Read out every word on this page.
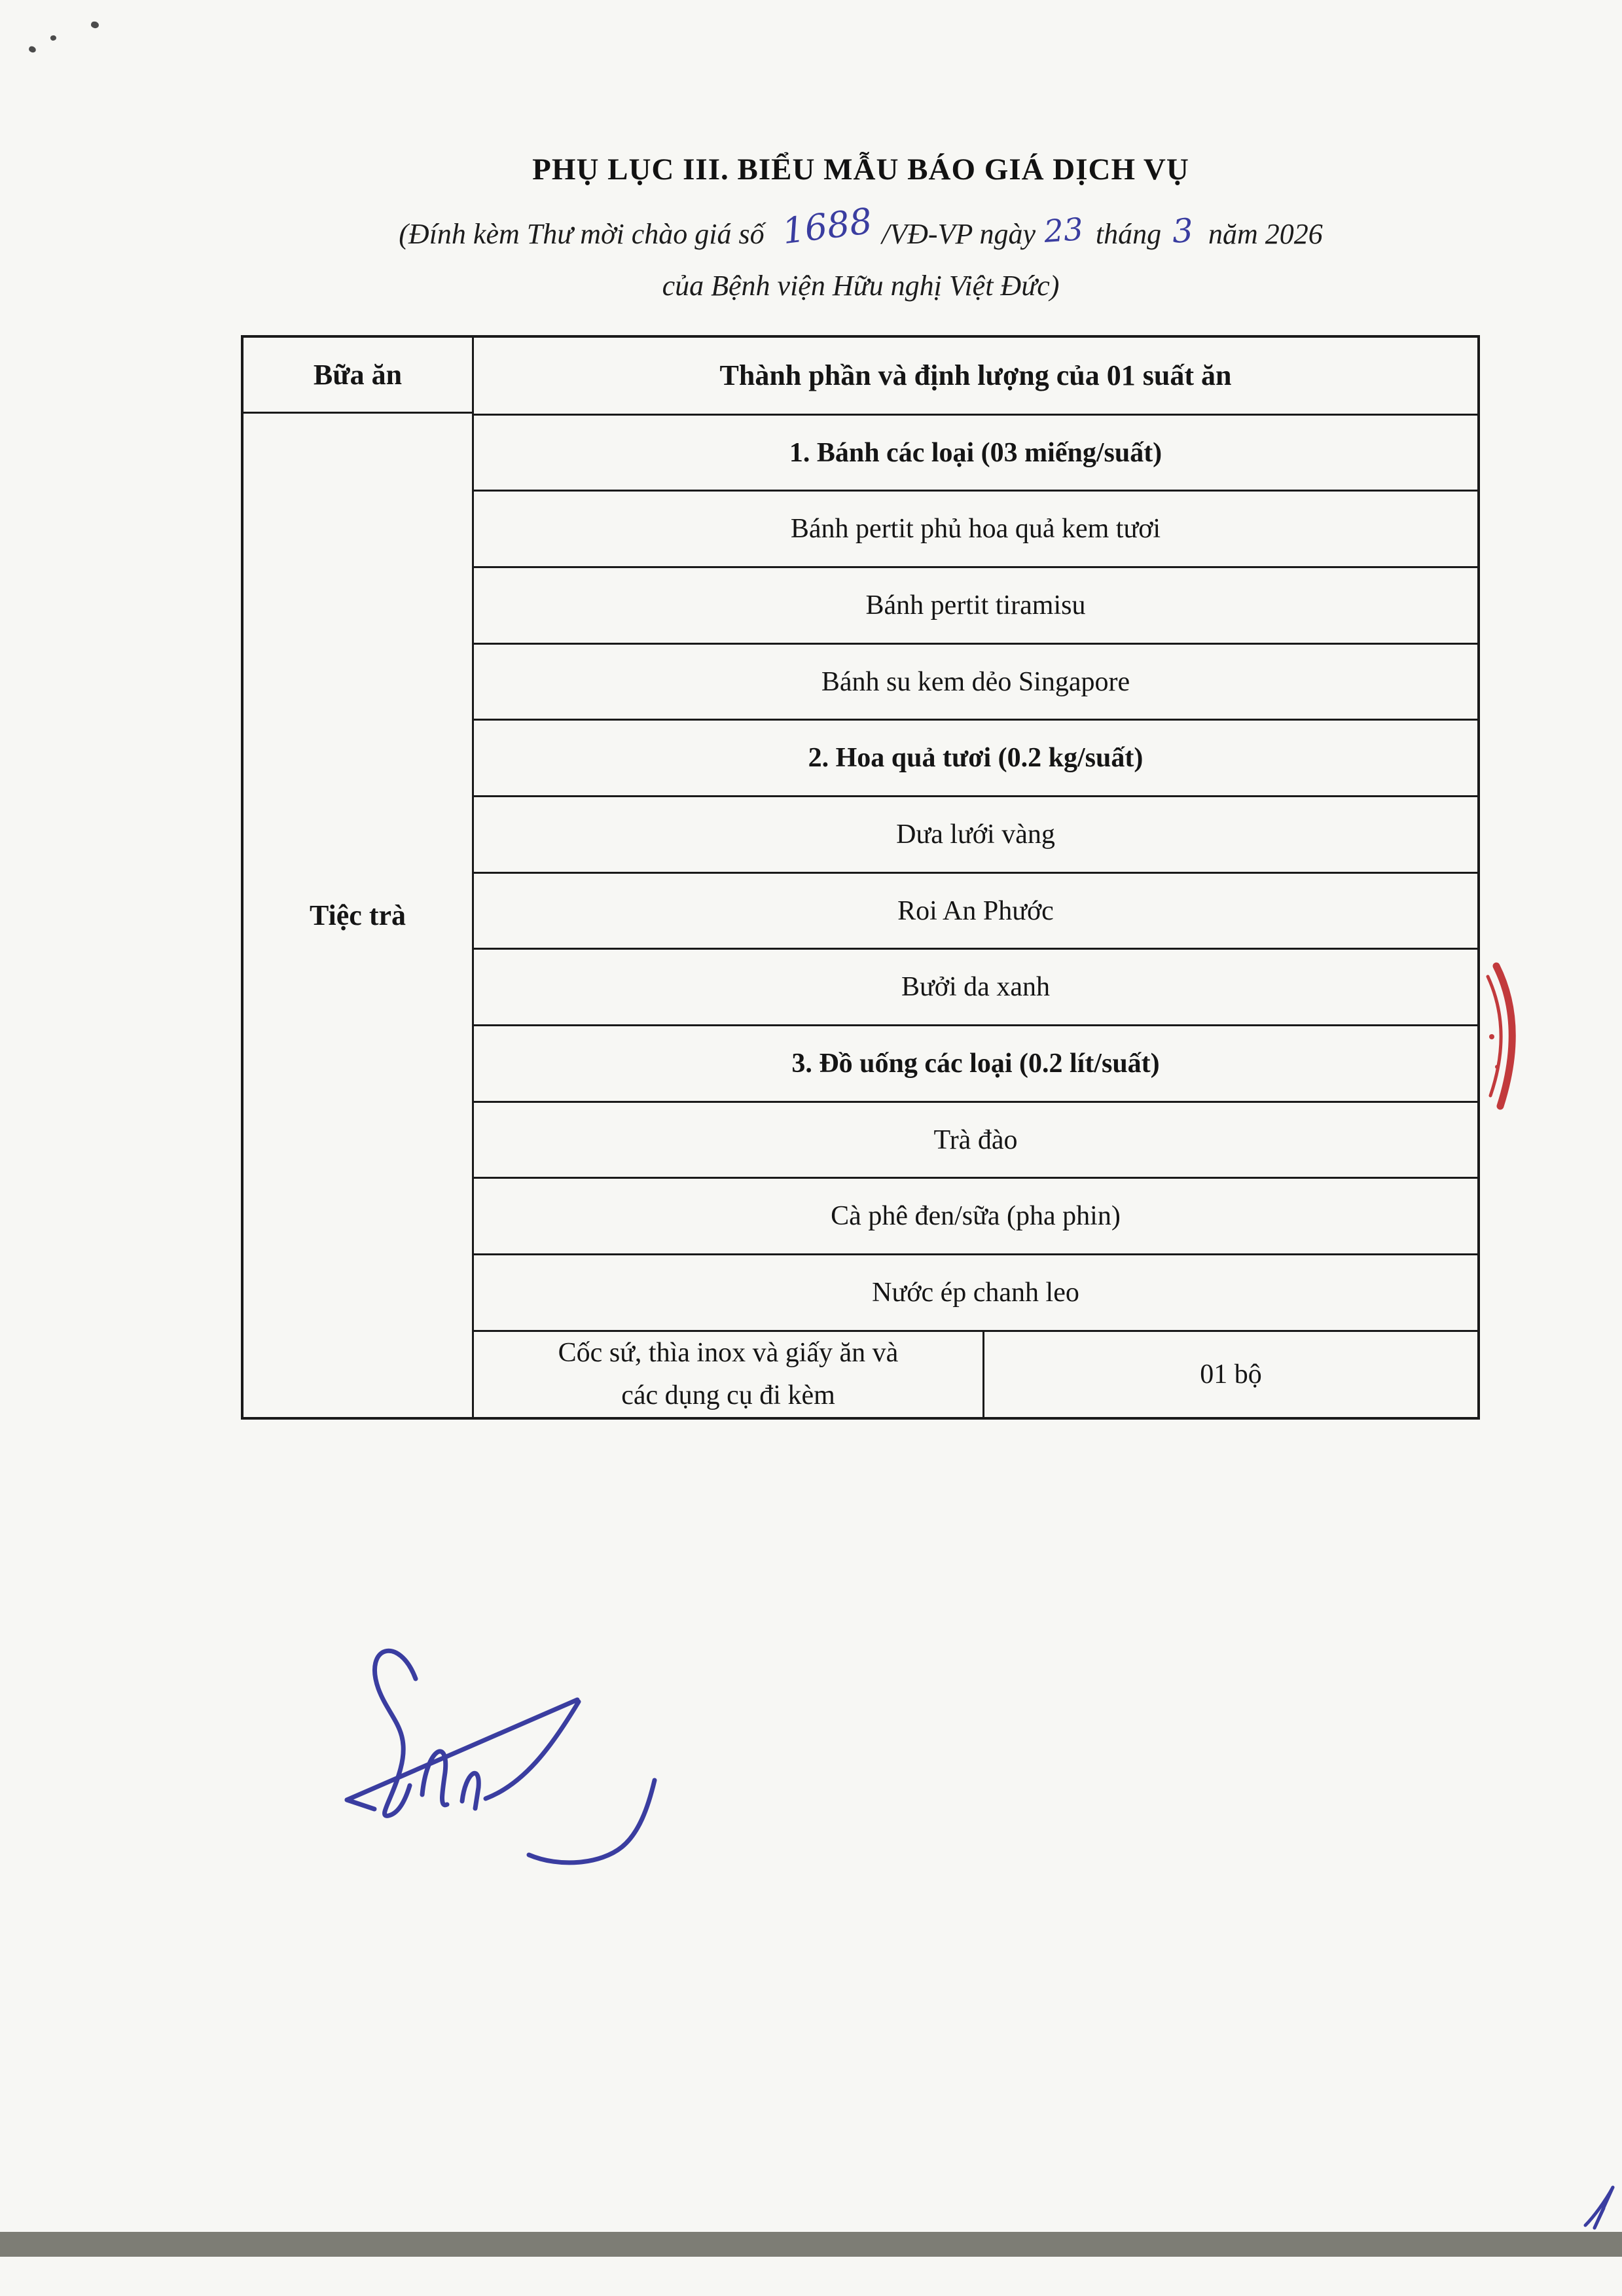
PHỤ LỤC III. BIỂU MẪU BÁO GIÁ DỊCH VỤ
(Đính kèm Thư mời chào giá số 1688 /VĐ-VP ngày 23 tháng 3 năm 2026
của Bệnh viện Hữu nghị Việt Đức)
Bữa ăn
Tiệc trà
Thành phần và định lượng của 01 suất ăn
1. Bánh các loại (03 miếng/suất)
Bánh pertit phủ hoa quả kem tươi
Bánh pertit tiramisu
Bánh su kem dẻo Singapore
2. Hoa quả tươi (0.2 kg/suất)
Dưa lưới vàng
Roi An Phước
Bưởi da xanh
3. Đồ uống các loại (0.2 lít/suất)
Trà đào
Cà phê đen/sữa (pha phin)
Nước ép chanh leo
Cốc sứ, thìa inox và giấy ăn và
các dụng cụ đi kèm
01 bộ
